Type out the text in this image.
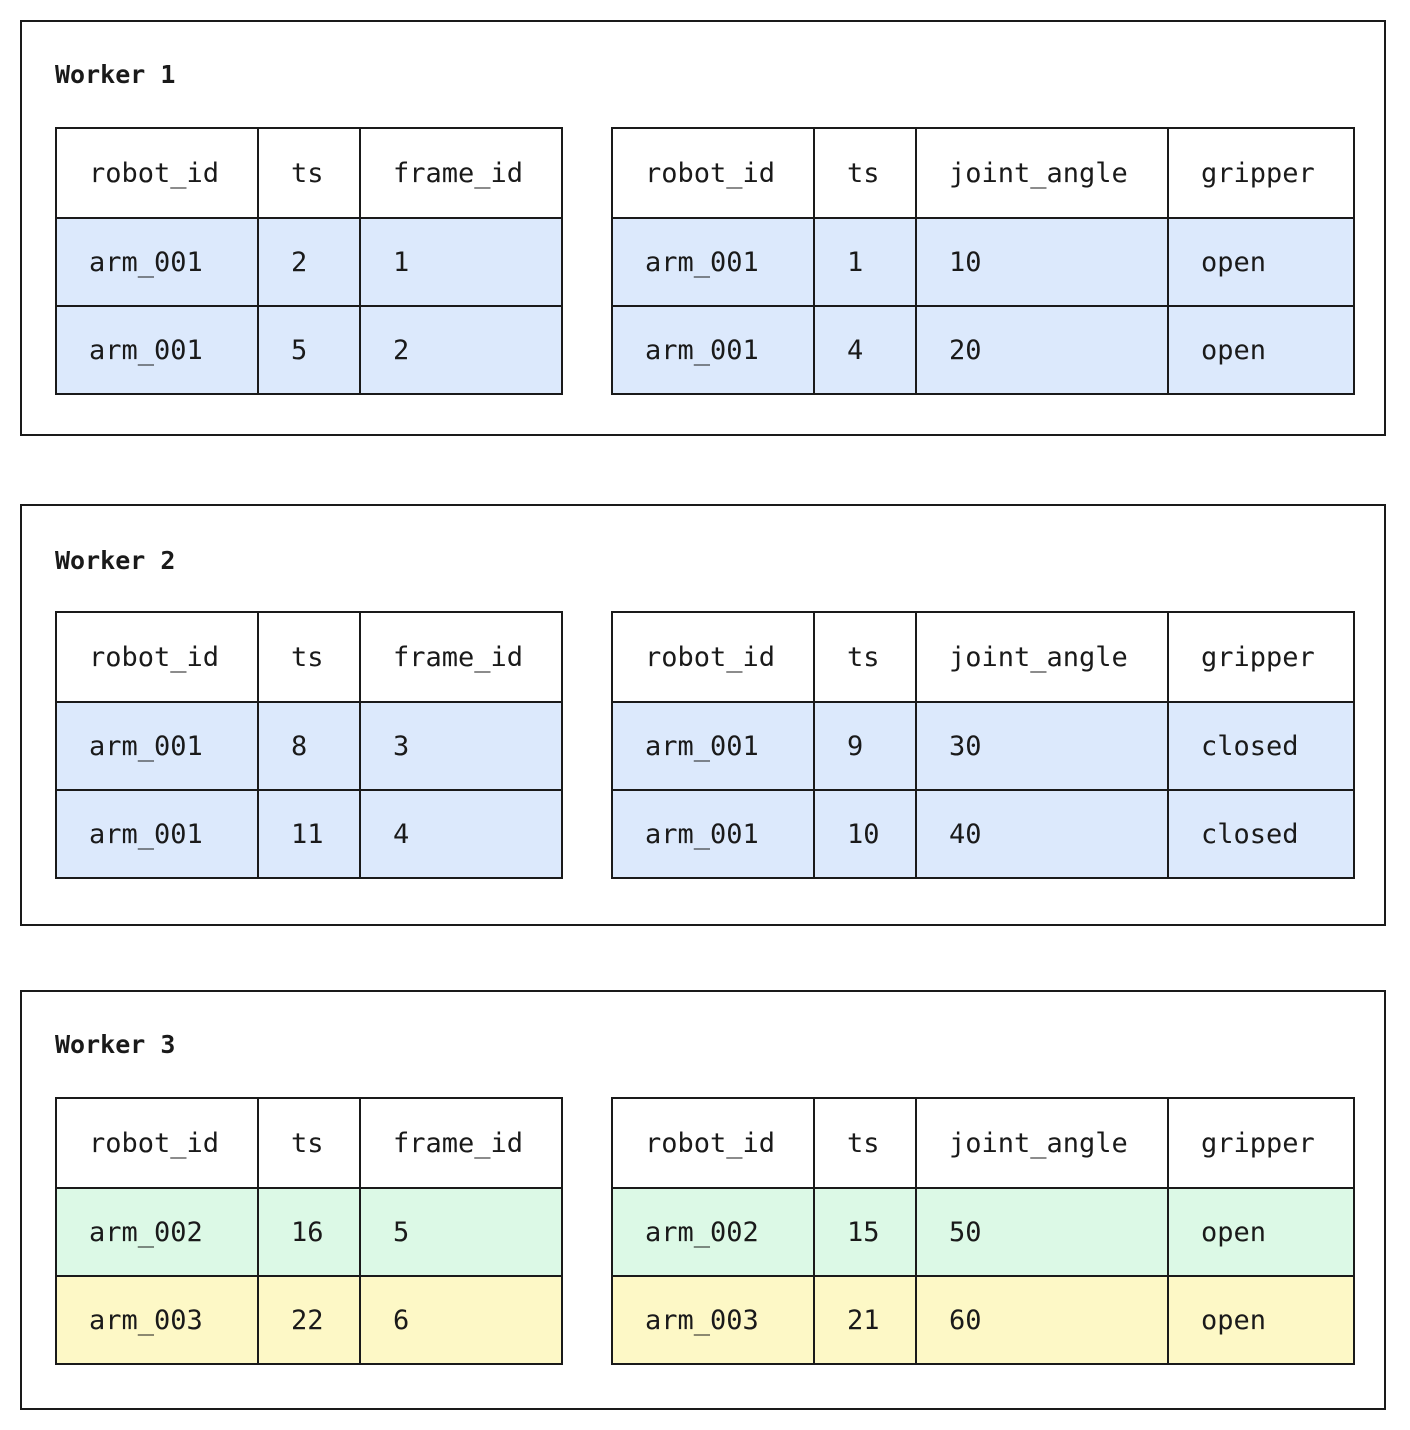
Worker 1
robot_id	ts	frame_id
arm_001	2	1
arm_001	5	2
robot_id	ts	joint_angle	gripper
arm_001	1	10	open
arm_001	4	20	open
Worker 2
robot_id	ts	frame_id
arm_001	8	3
arm_001	11	4
robot_id	ts	joint_angle	gripper
arm_001	9	30	closed
arm_001	10	40	closed
Worker 3
robot_id	ts	frame_id
arm_002	16	5
arm_003	22	6
robot_id	ts	joint_angle	gripper
arm_002	15	50	open
arm_003	21	60	open
